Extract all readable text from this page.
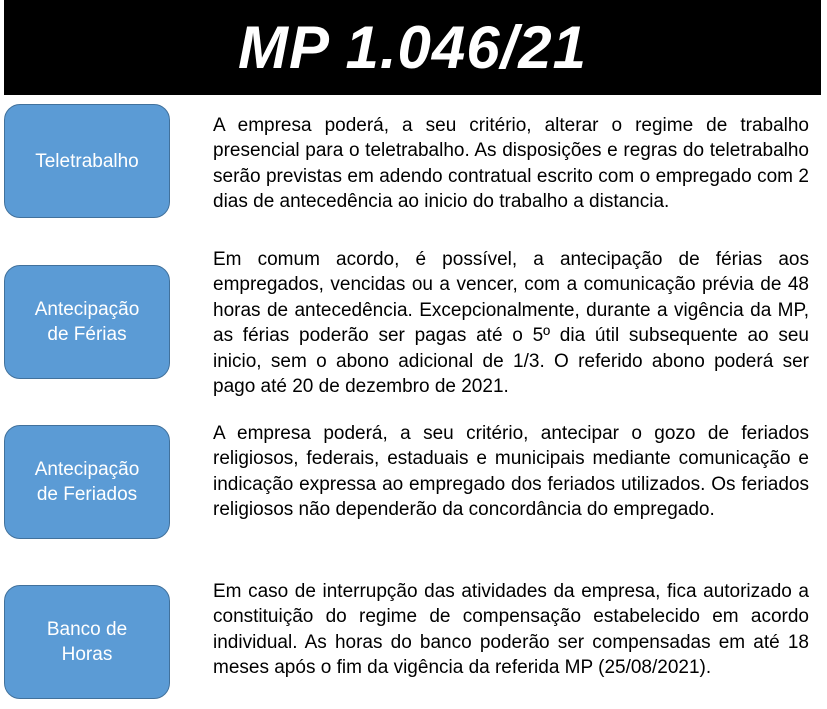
MP 1.046/21
Teletrabalho
A empresa poderá, a seu critério, alterar o regime de trabalho presencial para o teletrabalho. As disposições e regras do teletrabalho serão previstas em adendo contratual escrito com o empregado com 2 dias de antecedência ao inicio do trabalho a distancia.
Antecipação
de Férias
Em comum acordo, é possível, a antecipação de férias aos empregados, vencidas ou a vencer, com a comunicação prévia de 48 horas de antecedência. Excepcionalmente, durante a vigência da MP, as férias poderão ser pagas até o 5º dia útil subsequente ao seu inicio, sem o abono adicional de 1/3. O referido abono poderá ser pago até 20 de dezembro de 2021.
Antecipação
de Feriados
A empresa poderá, a seu critério, antecipar o gozo de feriados religiosos, federais, estaduais e municipais mediante comunicação e indicação expressa ao empregado dos feriados utilizados. Os feriados religiosos não dependerão da concordância do empregado.
Banco de
Horas
Em caso de interrupção das atividades da empresa, fica autorizado a constituição do regime de compensação estabelecido em acordo individual. As horas do banco poderão ser compensadas em até 18 meses após o fim da vigência da referida MP (25/08/2021).
